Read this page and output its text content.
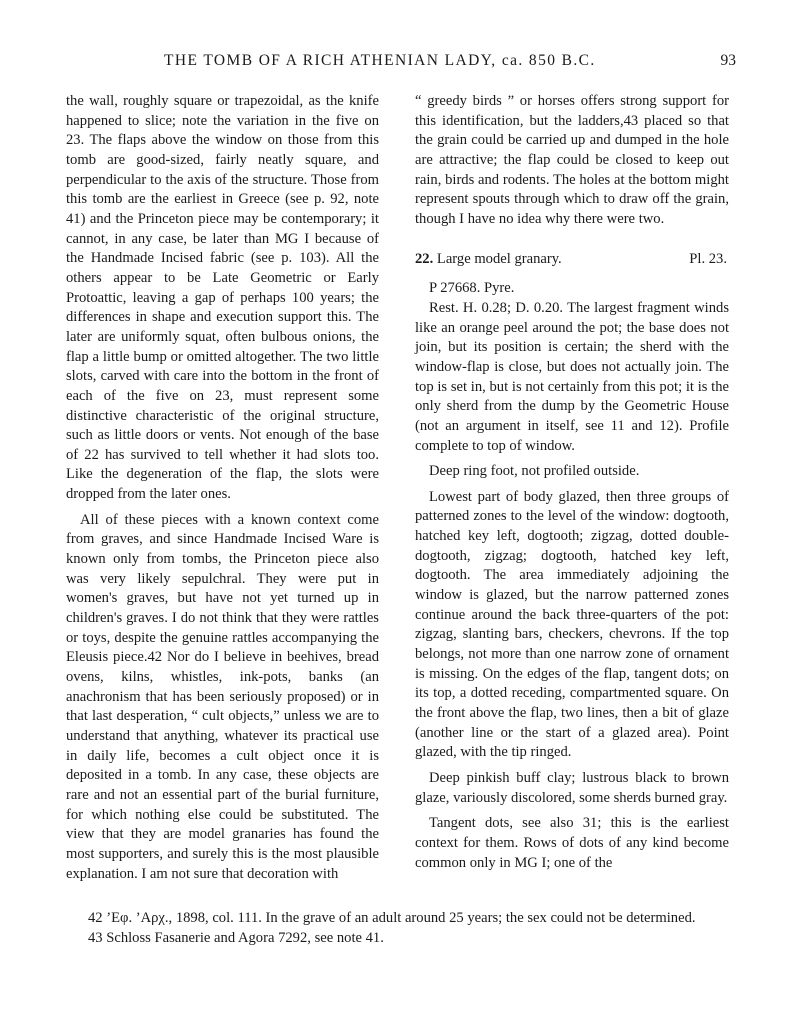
THE TOMB OF A RICH ATHENIAN LADY, ca. 850 B.C.	93

the wall, roughly square or trapezoidal, as the knife happened to slice; note the variation in the five on 23. The flaps above the window on those from this tomb are good-sized, fairly neatly square, and perpendicular to the axis of the structure. Those from this tomb are the earliest in Greece (see p. 92, note 41) and the Princeton piece may be contemporary; it cannot, in any case, be later than MG I because of the Handmade Incised fabric (see p. 103). All the others appear to be Late Geometric or Early Protoattic, leaving a gap of perhaps 100 years; the differences in shape and execution support this. The later are uniformly squat, often bulbous onions, the flap a little bump or omitted altogether. The two little slots, carved with care into the bottom in the front of each of the five on 23, must represent some distinctive characteristic of the original structure, such as little doors or vents. Not enough of the base of 22 has survived to tell whether it had slots too. Like the degeneration of the flap, the slots were dropped from the later ones.

All of these pieces with a known context come from graves, and since Handmade Incised Ware is known only from tombs, the Princeton piece also was very likely sepulchral. They were put in women's graves, but have not yet turned up in children's graves. I do not think that they were rattles or toys, despite the genuine rattles accompanying the Eleusis piece.42 Nor do I believe in beehives, bread ovens, kilns, whistles, ink-pots, banks (an anachronism that has been seriously proposed) or in that last desperation, “ cult objects,” unless we are to understand that anything, whatever its practical use in daily life, becomes a cult object once it is deposited in a tomb. In any case, these objects are rare and not an essential part of the burial furniture, for which nothing else could be substituted. The view that they are model granaries has found the most supporters, and surely this is the most plausible explanation. I am not sure that decoration with

“ greedy birds ” or horses offers strong support for this identification, but the ladders,43 placed so that the grain could be carried up and dumped in the hole are attractive; the flap could be closed to keep out rain, birds and rodents. The holes at the bottom might represent spouts through which to draw off the grain, though I have no idea why there were two.

22. Large model granary.	Pl. 23.

P 27668. Pyre.

Rest. H. 0.28; D. 0.20. The largest fragment winds like an orange peel around the pot; the base does not join, but its position is certain; the sherd with the window-flap is close, but does not actually join. The top is set in, but is not certainly from this pot; it is the only sherd from the dump by the Geometric House (not an argument in itself, see 11 and 12). Profile complete to top of window.

Deep ring foot, not profiled outside.

Lowest part of body glazed, then three groups of patterned zones to the level of the window: dogtooth, hatched key left, dogtooth; zigzag, dotted double-dogtooth, zigzag; dogtooth, hatched key left, dogtooth. The area immediately adjoining the window is glazed, but the narrow patterned zones continue around the back three-quarters of the pot: zigzag, slanting bars, checkers, chevrons. If the top belongs, not more than one narrow zone of ornament is missing. On the edges of the flap, tangent dots; on its top, a dotted receding, compartmented square. On the front above the flap, two lines, then a bit of glaze (another line or the start of a glazed area). Point glazed, with the tip ringed.

Deep pinkish buff clay; lustrous black to brown glaze, variously discolored, some sherds burned gray.

Tangent dots, see also 31; this is the earliest context for them. Rows of dots of any kind become common only in MG I; one of the

42 ’Εφ. ’Αρχ., 1898, col. 111. In the grave of an adult around 25 years; the sex could not be determined.

43 Schloss Fasanerie and Agora 7292, see note 41.
